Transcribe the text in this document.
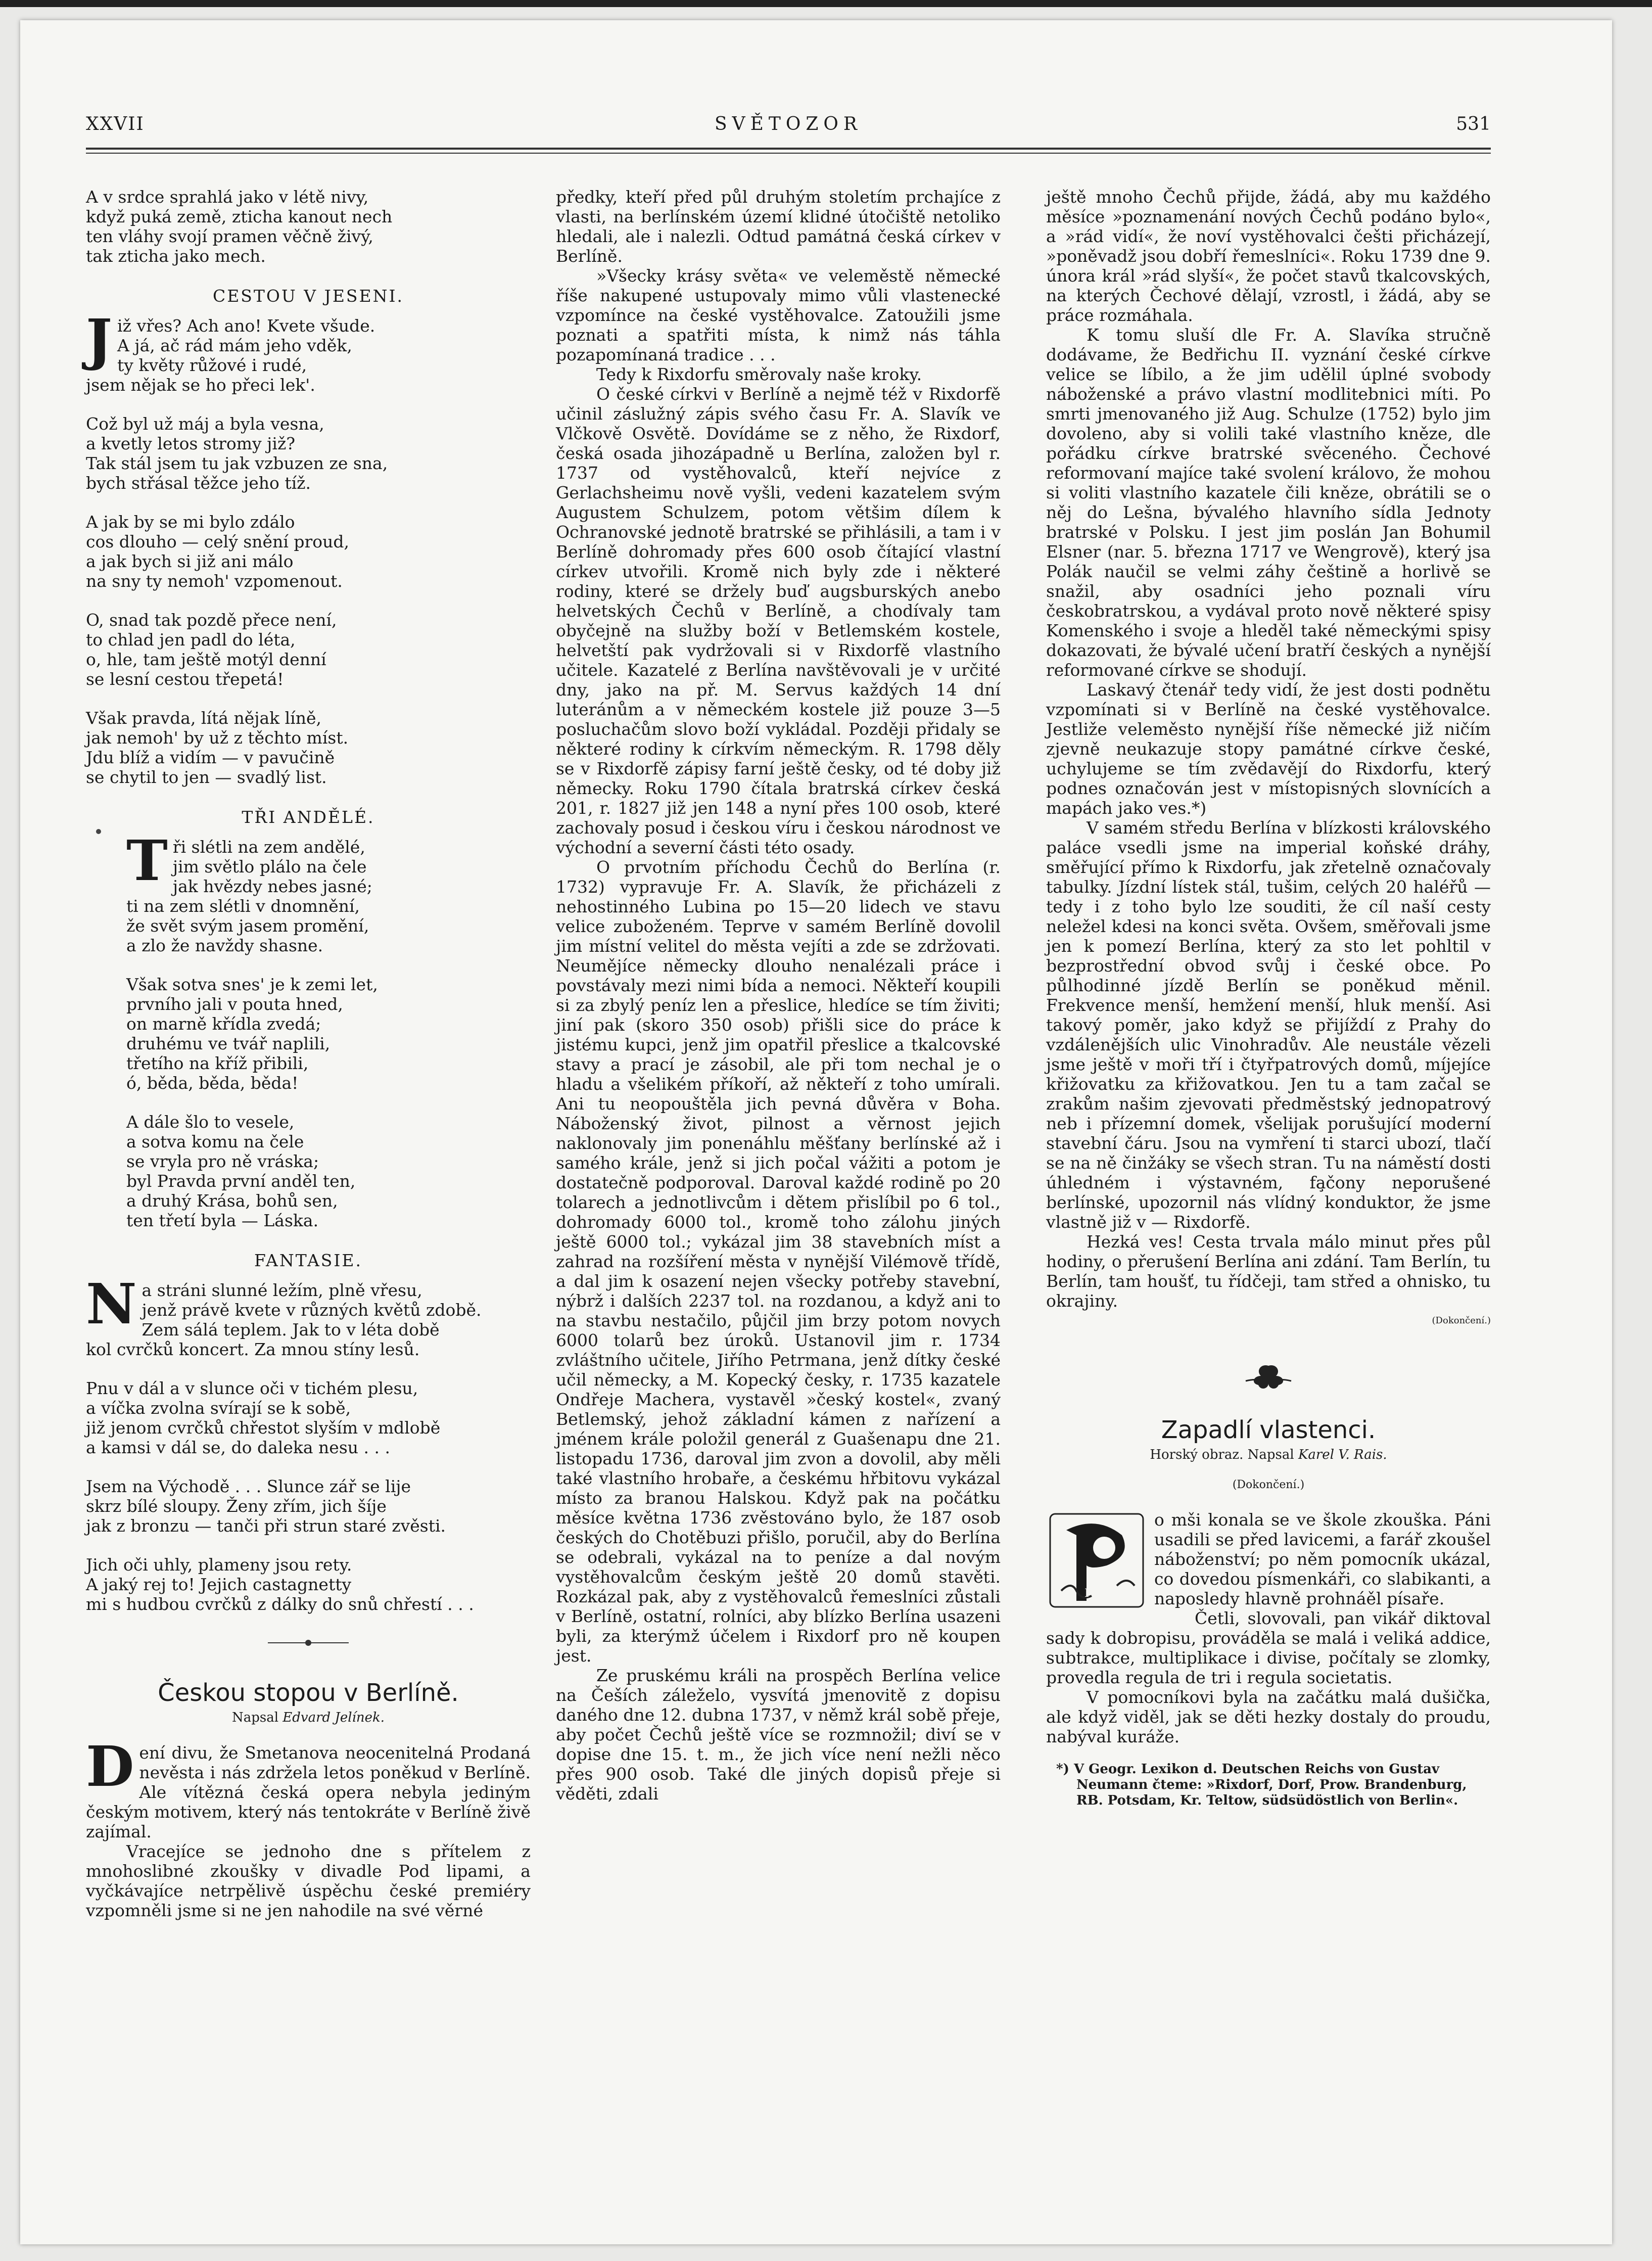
XXVII	SVĚTOZOR	531

A v srdce sprahlá jako v létě nivy,
když puká země, zticha kanout nech
ten vláhy svojí pramen věčně živý,
tak zticha jako mech.

CESTOU V JESENI.
J iž vřes? Ach ano! Kvete všude.
A já, ač rád mám jeho vděk,
ty květy růžové i rudé,
jsem nějak se ho přeci lek'.

Což byl už máj a byla vesna,
a kvetly letos stromy již?
Tak stál jsem tu jak vzbuzen ze sna,
bych střásal těžce jeho tíž.

A jak by se mi bylo zdálo
cos dlouho — celý snění proud,
a jak bych si již ani málo
na sny ty nemoh' vzpomenout.

O, snad tak pozdě přece není,
to chlad jen padl do léta,
o, hle, tam ještě motýl denní
se lesní cestou třepetá!

Však pravda, lítá nějak líně,
jak nemoh' by už z těchto míst.
Jdu blíž a vidím — v pavučině
se chytil to jen — svadlý list.

TŘI ANDĚLÉ.
T ři slétli na zem andělé,
jim světlo plálo na čele
jak hvězdy nebes jasné;
ti na zem slétli v dnomnění,
že svět svým jasem promění,
a zlo že navždy shasne.

Však sotva snes' je k zemi let,
prvního jali v pouta hned,
on marně křídla zvedá;
druhému ve tvář naplili,
třetího na kříž přibili,
ó, běda, běda, běda!

A dále šlo to vesele,
a sotva komu na čele
se vryla pro ně vráska;
byl Pravda první anděl ten,
a druhý Krása, bohů sen,
ten třetí byla — Láska.

FANTASIE.
N a stráni slunné ležím, plně vřesu,
jenž právě kvete v různých květů zdobě.
Zem sálá teplem. Jak to v léta době
kol cvrčků koncert. Za mnou stíny lesů.

Pnu v dál a v slunce oči v tichém plesu,
a víčka zvolna svírají se k sobě,
již jenom cvrčků chřestot slyším v mdlobě
a kamsi v dál se, do daleka nesu . . .

Jsem na Východě . . . Slunce zář se lije
skrz bílé sloupy. Ženy zřím, jich šíje
jak z bronzu — tanči při strun staré zvěsti.

Jich oči uhly, plameny jsou rety.
A jaký rej to! Jejich castagnetty
mi s hudbou cvrčků z dálky do snů chřestí . . .

Českou stopou v Berlíně.
Napsal Edvard Jelínek.
D ení divu, že Smetanova neocenitelná Prodaná nevěsta i nás zdržela letos poněkud v Berlíně. Ale vítězná česká opera nebyla jediným českým motivem, který nás tentokráte v Berlíně živě zajímal.

Vracejíce se jednoho dne s přítelem z mnohoslibné zkoušky v divadle Pod lipami, a vyčkávajíce netrpělivě úspěchu české premiéry vzpomněli jsme si ne jen nahodile na své věrné

předky, kteří před půl druhým stoletím prchajíce z vlasti, na berlínském území klidné útočiště netoliko hledali, ale i nalezli. Odtud památná česká církev v Berlíně.

»Všecky krásy světa« ve veleměstě německé říše nakupené ustupovaly mimo vůli vlastenecké vzpomínce na české vystěhovalce. Zatoužili jsme poznati a spatřiti místa, k nimž nás táhla pozapomínaná tradice . . .

Tedy k Rixdorfu směrovaly naše kroky.

O české církvi v Berlíně a nejmě též v Rixdorfě učinil záslužný zápis svého času Fr. A. Slavík ve Vlčkově Osvětě. Dovídáme se z něho, že Rixdorf, česká osada jihozápadně u Berlína, založen byl r. 1737 od vystěhovalců, kteří nejvíce z Gerlachsheimu nově vyšli, vedeni kazatelem svým Augustem Schulzem, potom většim dílem k Ochranovské jednotě bratrské se přihlásili, a tam i v Berlíně dohromady přes 600 osob čítající vlastní církev utvořili. Kromě nich byly zde i některé rodiny, které se držely buď augsburských anebo helvetských Čechů v Berlíně, a chodívaly tam obyčejně na služby boží v Betlemském kostele, helvetští pak vydržovali si v Rixdorfě vlastního učitele. Kazatelé z Berlína navštěvovali je v určité dny, jako na př. M. Servus každých 14 dní luteránům a v německém kostele již pouze 3—5 posluchačům slovo boží vykládal. Později přidaly se některé rodiny k církvím německým. R. 1798 děly se v Rixdorfě zápisy farní ještě česky, od té doby již německy. Roku 1790 čítala bratrská církev česká 201, r. 1827 již jen 148 a nyní přes 100 osob, které zachovaly posud i českou víru i českou národnost ve východní a severní části této osady.

O prvotním příchodu Čechů do Berlína (r. 1732) vypravuje Fr. A. Slavík, že přicházeli z nehostinného Lubina po 15—20 lidech ve stavu velice zuboženém. Teprve v samém Berlíně dovolil jim místní velitel do města vejíti a zde se zdržovati. Neumějíce německy dlouho nenalézali práce i povstávaly mezi nimi bída a nemoci. Někteří koupili si za zbylý peníz len a přeslice, hledíce se tím živiti; jiní pak (skoro 350 osob) přišli sice do práce k jistému kupci, jenž jim opatřil přeslice a tkalcovské stavy a prací je zásobil, ale při tom nechal je o hladu a všelikém příkoří, až někteří z toho umírali. Ani tu neopouštěla jich pevná důvěra v Boha. Náboženský život, pilnost a věrnost jejich naklonovaly jim ponenáhlu měšťany berlínské až i samého krále, jenž si jich počal vážiti a potom je dostatečně podporoval. Daroval každé rodině po 20 tolarech a jednotlivcům i dětem přislíbil po 6 tol., dohromady 6000 tol., kromě toho zálohu jiných ještě 6000 tol.; vykázal jim 38 stavebních míst a zahrad na rozšíření města v nynější Vilémově třídě, a dal jim k osazení nejen všecky potřeby stavební, nýbrž i dalších 2237 tol. na rozdanou, a když ani to na stavbu nestačilo, půjčil jim brzy potom novych 6000 tolarů bez úroků. Ustanovil jim r. 1734 zvláštního učitele, Jiřího Petrmana, jenž dítky české učil německy, a M. Kopecký česky, r. 1735 kazatele Ondřeje Machera, vystavěl »český kostel«, zvaný Betlemský, jehož základní kámen z nařízení a jménem krále položil generál z Guašenapu dne 21. listopadu 1736, daroval jim zvon a dovolil, aby měli také vlastního hrobaře, a českému hřbitovu vykázal místo za branou Halskou. Když pak na počátku měsíce května 1736 zvěstováno bylo, že 187 osob českých do Chotěbuzi přišlo, poručil, aby do Berlína se odebrali, vykázal na to peníze a dal novým vystěhovalcům českým ještě 20 domů stavěti. Rozkázal pak, aby z vystěhovalců řemeslníci zůstali v Berlíně, ostatní, rolníci, aby blízko Berlína usazeni byli, za kterýmž účelem i Rixdorf pro ně koupen jest.

Ze pruskému králi na prospěch Berlína velice na Češích záleželo, vysvítá jmenovitě z dopisu daného dne 12. dubna 1737, v němž král sobě přeje, aby počet Čechů ještě více se rozmnožil; diví se v dopise dne 15. t. m., že jich více není nežli něco přes 900 osob. Také dle jiných dopisů přeje si věděti, zdali

ještě mnoho Čechů přijde, žádá, aby mu každého měsíce »poznamenání nových Čechů podáno bylo«, a »rád vidí«, že noví vystěhovalci češti přicházejí, »poněvadž jsou dobří řemeslníci«. Roku 1739 dne 9. února král »rád slyší«, že počet stavů tkalcovských, na kterých Čechové dělají, vzrostl, i žádá, aby se práce rozmáhala.

K tomu sluší dle Fr. A. Slavíka stručně dodávame, že Bedřichu II. vyznání české církve velice se líbilo, a že jim udělil úplné svobody náboženské a právo vlastní modlitebnici míti. Po smrti jmenovaného již Aug. Schulze (1752) bylo jim dovoleno, aby si volili také vlastního kněze, dle pořádku církve bratrské svěceného. Čechové reformovaní majíce také svolení královo, že mohou si voliti vlastního kazatele čili kněze, obrátili se o něj do Lešna, bývalého hlavního sídla Jednoty bratrské v Polsku. I jest jim poslán Jan Bohumil Elsner (nar. 5. března 1717 ve Wengrově), který jsa Polák naučil se velmi záhy češtině a horlivě se snažil, aby osadníci jeho poznali víru českobratrskou, a vydával proto nově některé spisy Komenského i svoje a hleděl také německými spisy dokazovati, že bývalé učení bratří českých a nynější reformované církve se shodují.

Laskavý čtenář tedy vidí, že jest dosti podnětu vzpomínati si v Berlíně na české vystěhovalce. Jestliže veleměsto nynější říše německé již ničím zjevně neukazuje stopy památné církve české, uchylujeme se tím zvědavějí do Rixdorfu, který podnes označován jest v místopisných slovnících a mapách jako ves.*)

V samém středu Berlína v blízkosti královského paláce vsedli jsme na imperial koňské dráhy, směřující přímo k Rixdorfu, jak zřetelně označovaly tabulky. Jízdní lístek stál, tušim, celých 20 haléřů — tedy i z toho bylo lze souditi, že cíl naší cesty neležel kdesi na konci světa. Ovšem, směřovali jsme jen k pomezí Berlína, který za sto let pohltil v bezprostřední obvod svůj i české obce. Po půlhodinné jízdě Berlín se poněkud měnil. Frekvence menší, hemžení menší, hluk menší. Asi takový poměr, jako když se přijíždí z Prahy do vzdálenějších ulic Vinohradův. Ale neustále vězeli jsme ještě v moři tří i čtyřpatrových domů, míjejíce křižovatku za křižovatkou. Jen tu a tam začal se zrakům našim zjevovati předměstský jednopatrový neb i přízemní domek, všelijak porušující moderní stavební čáru. Jsou na vymření ti starci ubozí, tlačí se na ně činžáky se všech stran. Tu na náměstí dosti úhledném i výstavném, fa̧čony neporušené berlínské, upozornil nás vlídný konduktor, že jsme vlastně již v — Rixdorfě.

Hezká ves! Cesta trvala málo minut přes půl hodiny, o přerušení Berlína ani zdání. Tam Berlín, tu Berlín, tam houšť, tu řídčeji, tam střed a ohnisko, tu okrajiny.

(Dokončení.)
Zapadlí vlastenci.
Horský obraz. Napsal Karel V. Rais.
(Dokončení.)
P

o mši konala se ve škole zkouška. Páni usadili se před lavicemi, a farář zkoušel náboženství; po něm pomocník ukázal, co dovedou písmenkáři, co slabikanti, a naposledy hlavně prohnáěl písaře.

Četli, slovovali, pan vikář diktoval sady k dobropisu, prováděla se malá i veliká addice, subtrakce, multiplikace i divise, počítaly se zlomky, provedla regula de tri i regula societatis.

V pomocníkovi byla na začátku malá dušička, ale když viděl, jak se děti hezky dostaly do proudu, nabýval kuráže.

*) V Geogr. Lexikon d. Deutschen Reichs von Gustav Neumann čteme: »Rixdorf, Dorf, Prow. Brandenburg, RB. Potsdam, Kr. Teltow, südsüdöstlich von Berlin«.
